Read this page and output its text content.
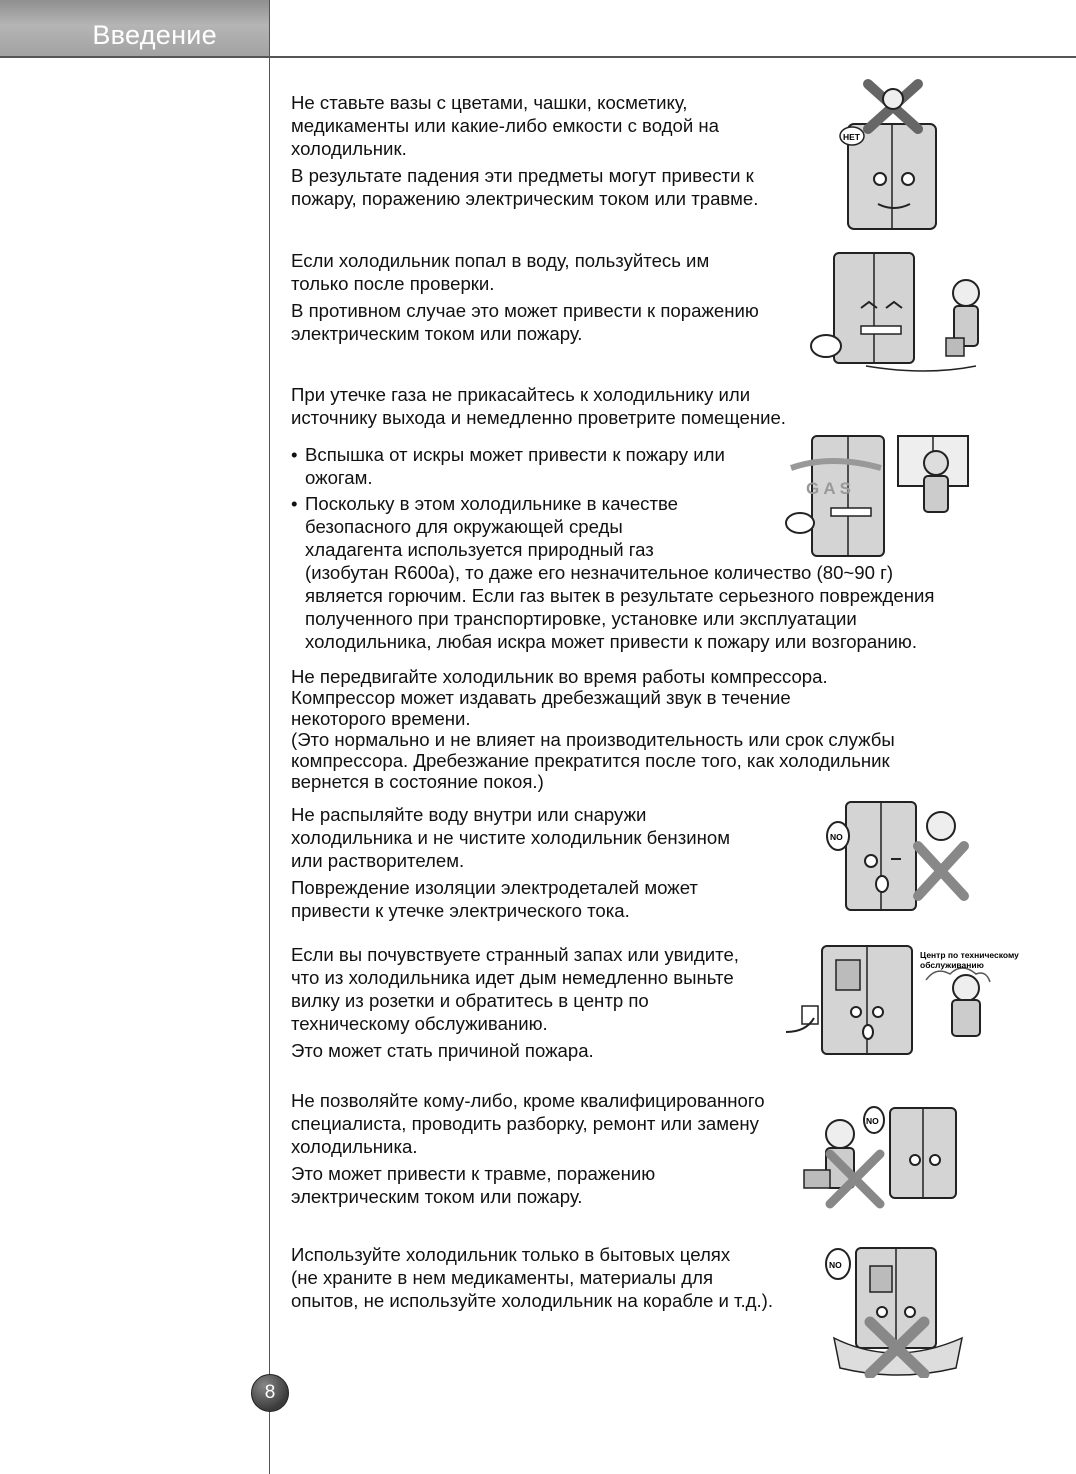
Введение

Не ставьте вазы с цветами, чашки, косметику,

медикаменты или какие-либо емкости с водой на

холодильник.

В результате падения эти предметы могут привести к

пожару, поражению электрическим током или травме.

Если холодильник попал в воду, пользуйтесь им

только после проверки.

В противном случае это может привести к поражению

электрическим током или пожару.

При утечке газа не прикасайтесь к холодильнику или

источнику выхода и немедленно проветрите помещение.

• Вспышка от искры может привести к пожару или

ожогам.

• Поскольку в этом холодильнике в качестве

безопасного для окружающей среды

хладагента используется природный газ

(изобутан R600a), то даже его незначительное количество (80~90 г)

является горючим. Если газ вытек в результате серьезного повреждения

полученного при транспортировке, установке или эксплуатации

холодильника, любая искра может привести к пожару или возгоранию.

Не передвигайте холодильник во время работы компрессора.

Компрессор может издавать дребезжащий звук в течение

некоторого времени.

(Это нормально и не влияет на производительность или срок службы

компрессора. Дребезжание прекратится после того, как холодильник

вернется в состояние покоя.)

Не распыляйте воду внутри или снаружи

холодильника и не чистите холодильник бензином

или растворителем.

Повреждение изоляции электродеталей может

привести к утечке электрического тока.

Если вы почувствуете странный запах или увидите,

что из холодильника идет дым немедленно выньте

вилку из розетки и обратитесь в центр по

техническому обслуживанию.

Это может стать причиной пожара.

Не позволяйте кому-либо, кроме квалифицированного

специалиста, проводить разборку, ремонт или замену

холодильника.

Это может привести к травме, поражению

электрическим током или пожару.

Используйте холодильник только в бытовых целях

(не храните в нем медикаменты, материалы для

опытов, не используйте холодильник на корабле и т.д.).

НЕТ
G A S
NO
Центр по техническому
обслуживанию
NO
NO
8
